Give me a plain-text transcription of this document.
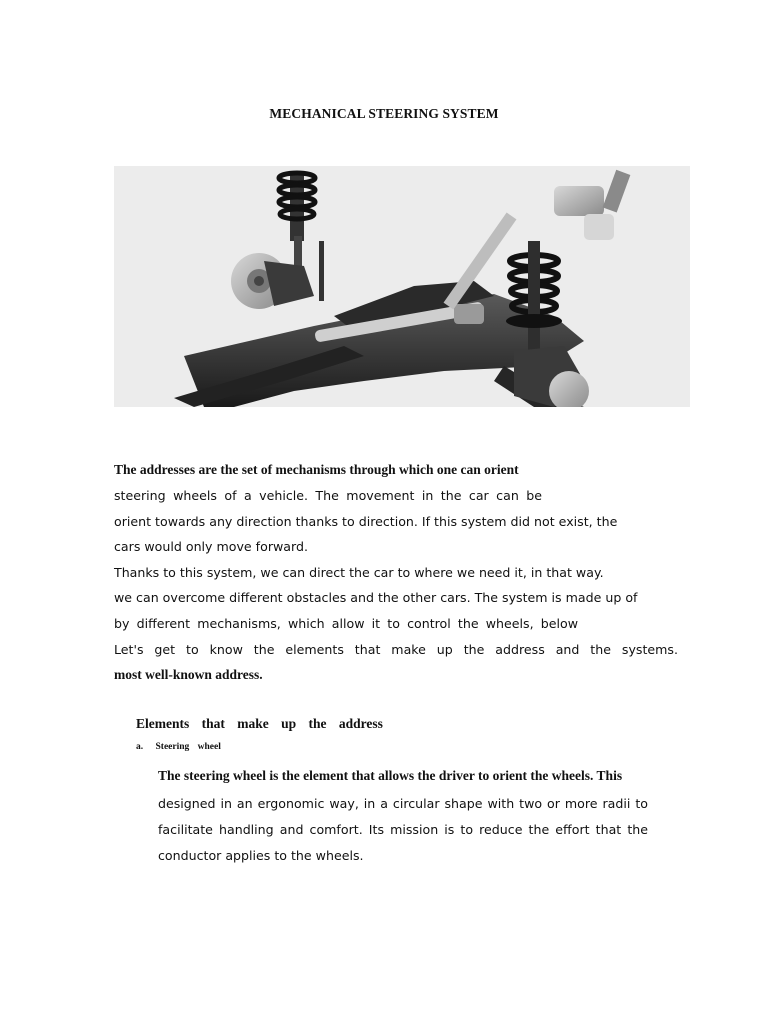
MECHANICAL STEERING SYSTEM
The addresses are the set of mechanisms through which one can orient
steering wheels of a vehicle. The movement in the car can be
orient towards any direction thanks to direction. If this system did not exist, the
cars would only move forward.
Thanks to this system, we can direct the car to where we need it, in that way.
we can overcome different obstacles and the other cars. The system is made up of
by different mechanisms, which allow it to control the wheels, below
Let's get to know the elements that make up the address and the systems.
most well-known address.
Elements that make up the address
a. Steering wheel
The steering wheel is the element that allows the driver to orient the wheels. This
designed in an ergonomic way, in a circular shape with two or more radii to
facilitate handling and comfort. Its mission is to reduce the effort that the
conductor applies to the wheels.
